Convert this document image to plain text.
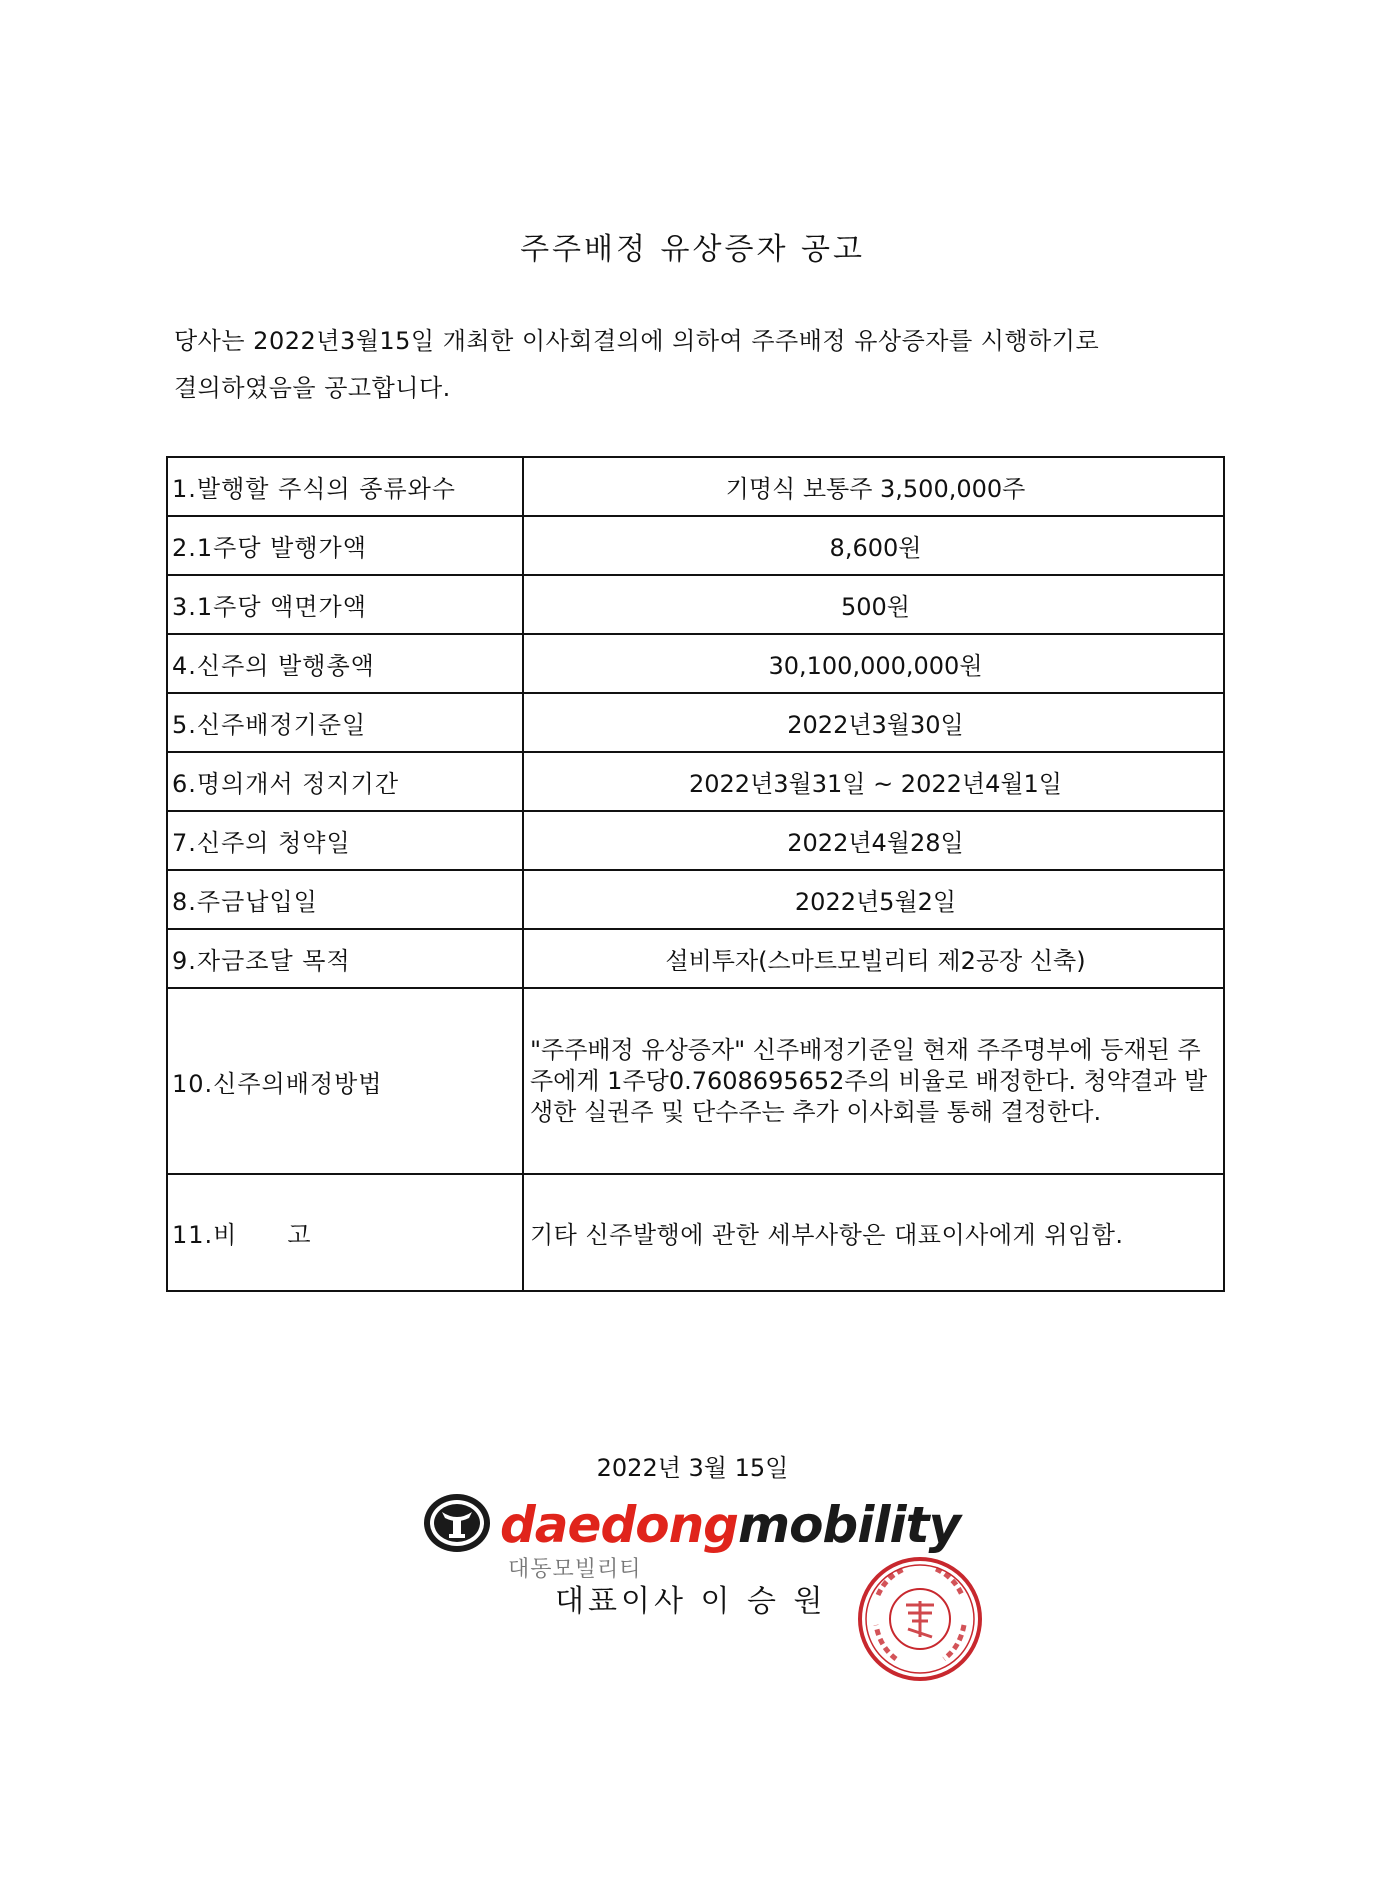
주주배정 유상증자 공고
당사는 2022년3월15일 개최한 이사회결의에 의하여 주주배정 유상증자를 시행하기로
결의하였음을 공고합니다.
1.발행할 주식의 종류와수	기명식 보통주 3,500,000주
2.1주당 발행가액	8,600원
3.1주당 액면가액	500원
4.신주의 발행총액	30,100,000,000원
5.신주배정기준일	2022년3월30일
6.명의개서 정지기간	2022년3월31일 ~ 2022년4월1일
7.신주의 청약일	2022년4월28일
8.주금납입일	2022년5월2일
9.자금조달 목적	설비투자(스마트모빌리티 제2공장 신축)
10.신주의배정방법	"주주배정 유상증자" 신주배정기준일 현재 주주명부에 등재된 주주에게 1주당0.7608695652주의 비율로 배정한다. 청약결과 발생한 실권주 및 단수주는 추가 이사회를 통해 결정한다.
11.비　　고	기타 신주발행에 관한 세부사항은 대표이사에게 위임함.
2022년 3월 15일
daedongmobility
대동모빌리티
대표이사 이 승 원
